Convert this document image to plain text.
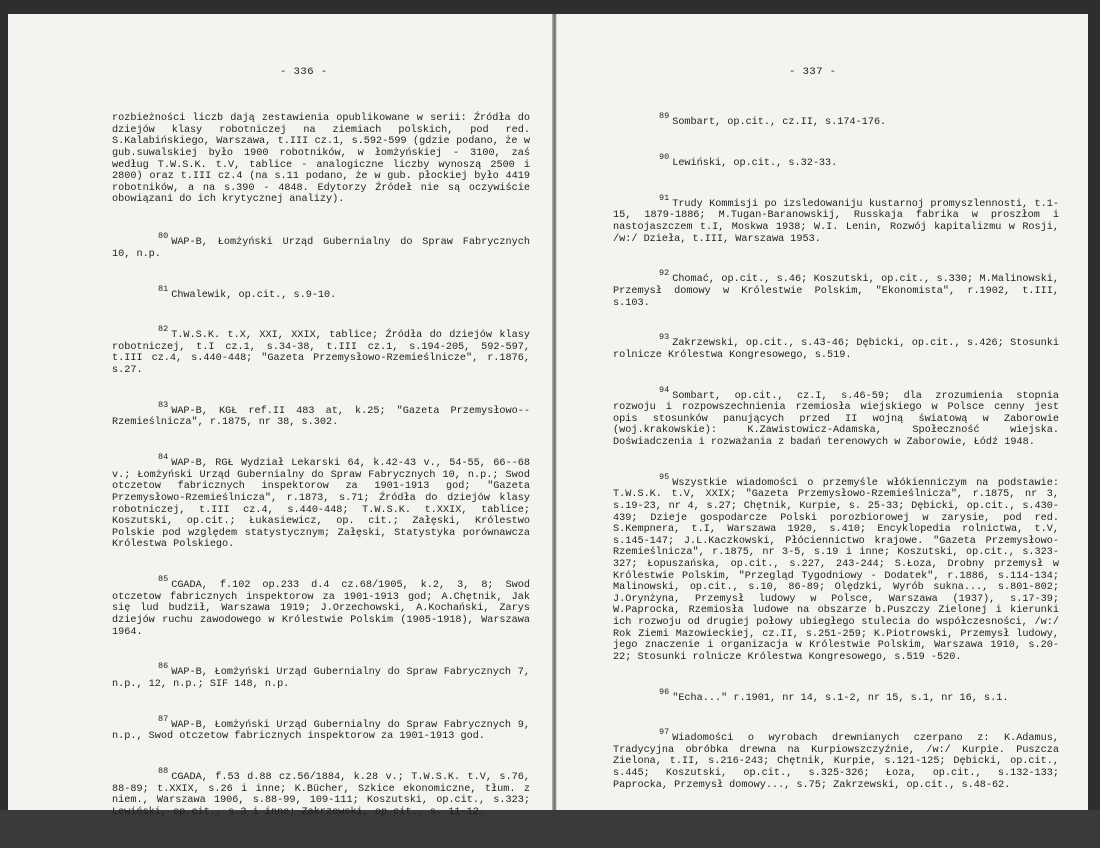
- 336 -

rozbieżności liczb dają zestawienia opublikowane w serii: Źródła do dziejów klasy robotniczej na ziemiach polskich, pod red. S.Kalabińskiego, Warszawa, t.III cz.1, s.592-599 (gdzie podano, że w gub.suwalskiej było 1900 robotników, w łomżyńskiej - 3100, zaś według T.W.S.K. t.V, tablice - analogiczne liczby wynoszą 2500 i 2800) oraz t.III cz.4 (na s.11 podano, że w gub. płockiej było 4419 robotników, a na s.390 - 4848. Edytorzy Źródeł nie są oczywiście obowiązani do ich krytycznej analizy).

$^{80}$WAP-B, Łomżyński Urząd Gubernialny do Spraw Fabrycznych 10, n.p.

$^{81}$Chwalewik, op.cit., s.9-10.

$^{82}$T.W.S.K. t.X, XXI, XXIX, tablice; Źródła do dziejów klasy robotniczej, t.I cz.1, s.34-38, t.III cz.1, s.194-205, 592-597, t.III cz.4, s.440-448; "Gazeta Przemysłowo-Rzemieślnicze", r.1876, s.27.

$^{83}$WAP-B, KGŁ ref.II 483 at, k.25; "Gazeta Przemysłowo--Rzemieślnicza", r.1875, nr 38, s.302.

$^{84}$WAP-B, RGŁ Wydział Lekarski 64, k.42-43 v., 54-55, 66--68 v.; Łomżyński Urząd Gubernialny do Spraw Fabrycznych 10, n.p.; Swod otczetow fabricznych inspektorow za 1901-1913 god; "Gazeta Przemysłowo-Rzemieślnicza", r.1873, s.71; Źródła do dziejów klasy robotniczej, t.III cz.4, s.440-448; T.W.S.K. t.XXIX, tablice; Koszutski, op.cit.; Łukasiewicz, op. cit.; Załęski, Królestwo Polskie pod względem statystycznym; Załęski, Statystyka porównawcza Królestwa Polskiego.

$^{85}$CGADA, f.102 op.233 d.4 cz.68/1905, k.2, 3, 8; Swod otczetow fabricznych inspektorow za 1901-1913 god; A.Chętnik, Jak się lud budził, Warszawa 1919; J.Orzechowski, A.Kochański, Zarys dziejów ruchu zawodowego w Królestwie Polskim (1905-1918), Warszawa 1964.

$^{86}$WAP-B, Łomżyński Urząd Gubernialny do Spraw Fabrycznych 7, n.p., 12, n.p.; SIF 148, n.p.

$^{87}$WAP-B, Łomżyński Urząd Gubernialny do Spraw Fabrycznych 9, n.p., Swod otczetow fabricznych inspektorow za 1901-1913 god.

$^{88}$CGADA, f.53 d.88 cz.56/1884, k.28 v.; T.W.S.K. t.V, s.76, 88-89; t.XXIX, s.26 i inne; K.Bücher, Szkice ekonomiczne, tłum. z niem., Warszawa 1906, s.88-99, 109-111; Koszutski, op.cit., s.323; Lewiński, op.cit., s.3 i inne; Zakrzewski, op.cit., s. 11-12.

- 337 -

$^{89}$Sombart, op.cit., cz.II, s.174-176.

$^{90}$Lewiński, op.cit., s.32-33.

$^{91}$Trudy Kommisji po izsledowaniju kustarnoj promyszlennosti, t.1-15, 1879-1886; M.Tugan-Baranowskij, Russkaja fabrika w proszłom i nastojaszczem t.I, Moskwa 1938; W.I. Lenin, Rozwój kapitalizmu w Rosji, /w:/ Dzieła, t.III, Warszawa 1953.

$^{92}$Chomać, op.cit., s.46; Koszutski, op.cit., s.330; M.Malinowski, Przemysł domowy w Królestwie Polskim, "Ekonomista", r.1902, t.III, s.103.

$^{93}$Zakrzewski, op.cit., s.43-46; Dębicki, op.cit., s.426; Stosunki rolnicze Królestwa Kongresowego, s.519.

$^{94}$Sombart, op.cit., cz.I, s.46-59; dla zrozumienia stopnia rozwoju i rozpowszechnienia rzemiosła wiejskiego w Polsce cenny jest opis stosunków panujących przed II wojną światową w Zaborowie (woj.krakowskie): K.Zawistowicz-Adamska, Społeczność wiejska. Doświadczenia i rozważania z badań terenowych w Zaborowie, Łódź 1948.

$^{95}$Wszystkie wiadomości o przemyśle włókienniczym na podstawie: T.W.S.K. t.V, XXIX; "Gazeta Przemysłowo-Rzemieślnicza", r.1875, nr 3, s.19-23, nr 4, s.27; Chętnik, Kurpie, s. 25-33; Dębicki, op.cit., s.430-439; Dzieje gospodarcze Polski porozbiorowej w zarysie, pod red. S.Kempnera, t.I, Warszawa 1920, s.410; Encyklopedia rolnictwa, t.V, s.145-147; J.L.Kaczkowski, Płóciennictwo krajowe. "Gazeta Przemysłowo-Rzemieślnicza", r.1875, nr 3-5, s.19 i inne; Koszutski, op.cit., s.323-327; Łopuszańska, op.cit., s.227, 243-244; S.Łoza, Drobny przemysł w Królestwie Polskim, "Przegląd Tygodniowy - Dodatek", r.1886, s.114-134; Malinowski, op.cit., s.10, 86-89; Olędzki, Wyrób sukna..., s.801-802; J.Orynżyna, Przemysł ludowy w Polsce, Warszawa (1937), s.17-39; W.Paprocka, Rzemiosła ludowe na obszarze b.Puszczy Zielonej i kierunki ich rozwoju od drugiej połowy ubiegłego stulecia do współczesności, /w:/ Rok Ziemi Mazowieckiej, cz.II, s.251-259; K.Piotrowski, Przemysł ludowy, jego znaczenie i organizacja w Królestwie Polskim, Warszawa 1910, s.20-22; Stosunki rolnicze Królestwa Kongresowego, s.519 -520.

$^{96}$"Echa..." r.1901, nr 14, s.1-2, nr 15, s.1, nr 16, s.1.

$^{97}$Wiadomości o wyrobach drewnianych czerpano z: K.Adamus, Tradycyjna obróbka drewna na Kurpiowszczyźnie, /w:/ Kurpie. Puszcza Zielona, t.II, s.216-243; Chętnik, Kurpie, s.121-125; Dębicki, op.cit., s.445; Koszutski, op.cit., s.325-326; Łoza, op.cit., s.132-133; Paprocka, Przemysł domowy..., s.75; Zakrzewski, op.cit., s.48-62.
